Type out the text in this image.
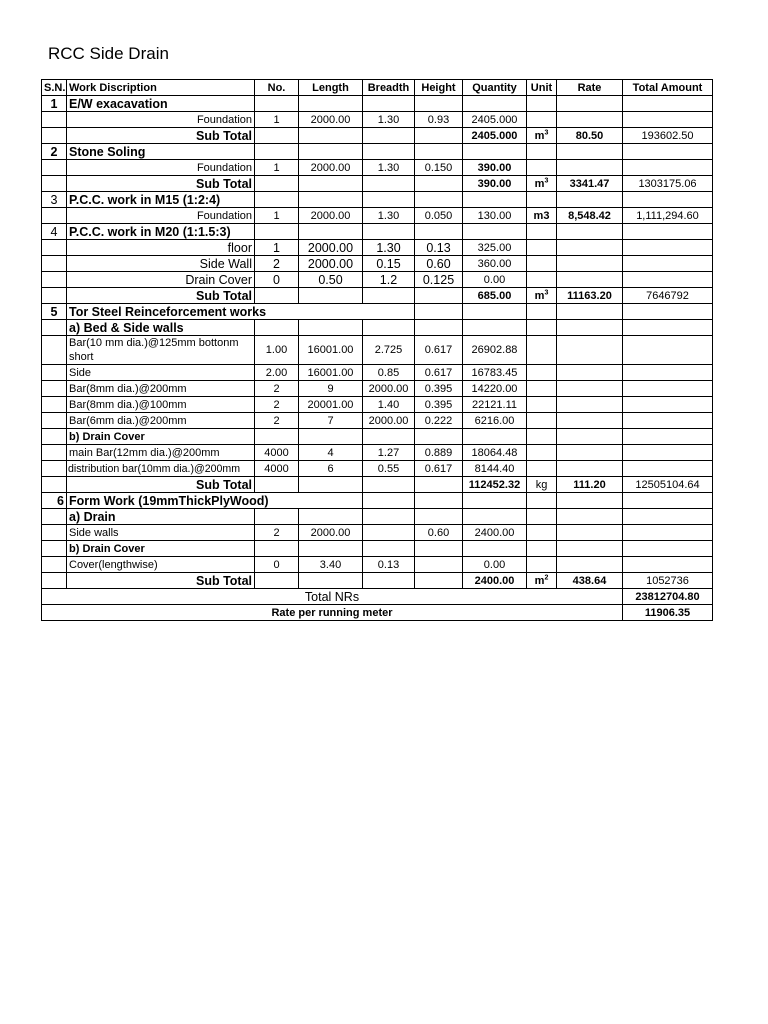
RCC Side Drain
S.N.	Work Discription	No.	Length	Breadth	Height	Quantity	Unit	Rate	Total Amount
1	E/W exacavation								
	Foundation	1	2000.00	1.30	0.93	2405.000			
	Sub Total					2405.000	$m^3$	80.50	193602.50
2	Stone Soling								
	Foundation	1	2000.00	1.30	0.150	390.00			
	Sub Total					390.00	$m^3$	3341.47	1303175.06
3	P.C.C. work in M15 (1:2:4)								
	Foundation	1	2000.00	1.30	0.050	130.00	m3	8,548.42	1,111,294.60
4	P.C.C. work in M20 (1:1.5:3)								
	floor	1	2000.00	1.30	0.13	325.00			
	Side Wall	2	2000.00	0.15	0.60	360.00			
	Drain Cover	0	0.50	1.2	0.125	0.00			
	Sub Total					685.00	$m^3$	11163.20	7646792
5	Tor Steel Reinceforcement works								
	a) Bed & Side walls								
	Bar(10 mm dia.)@125mm bottonm short	1.00	16001.00	2.725	0.617	26902.88			
	Side	2.00	16001.00	0.85	0.617	16783.45			
	Bar(8mm dia.)@200mm	2	9	2000.00	0.395	14220.00			
	Bar(8mm dia.)@100mm	2	20001.00	1.40	0.395	22121.11			
	Bar(6mm dia.)@200mm	2	7	2000.00	0.222	6216.00			
	b) Drain Cover								
	main Bar(12mm dia.)@200mm	4000	4	1.27	0.889	18064.48			
	distribution bar(10mm dia.)@200mm	4000	6	0.55	0.617	8144.40			
	Sub Total					112452.32	kg	111.20	12505104.64
6	Form Work (19mmThickPlyWood)								
	a) Drain								
	Side walls	2	2000.00		0.60	2400.00			
	b) Drain Cover								
	Cover(lengthwise)	0	3.40	0.13		0.00			
	Sub Total					2400.00	$m^2$	438.64	1052736
Total NRs									23812704.80
Rate per running meter									11906.35
